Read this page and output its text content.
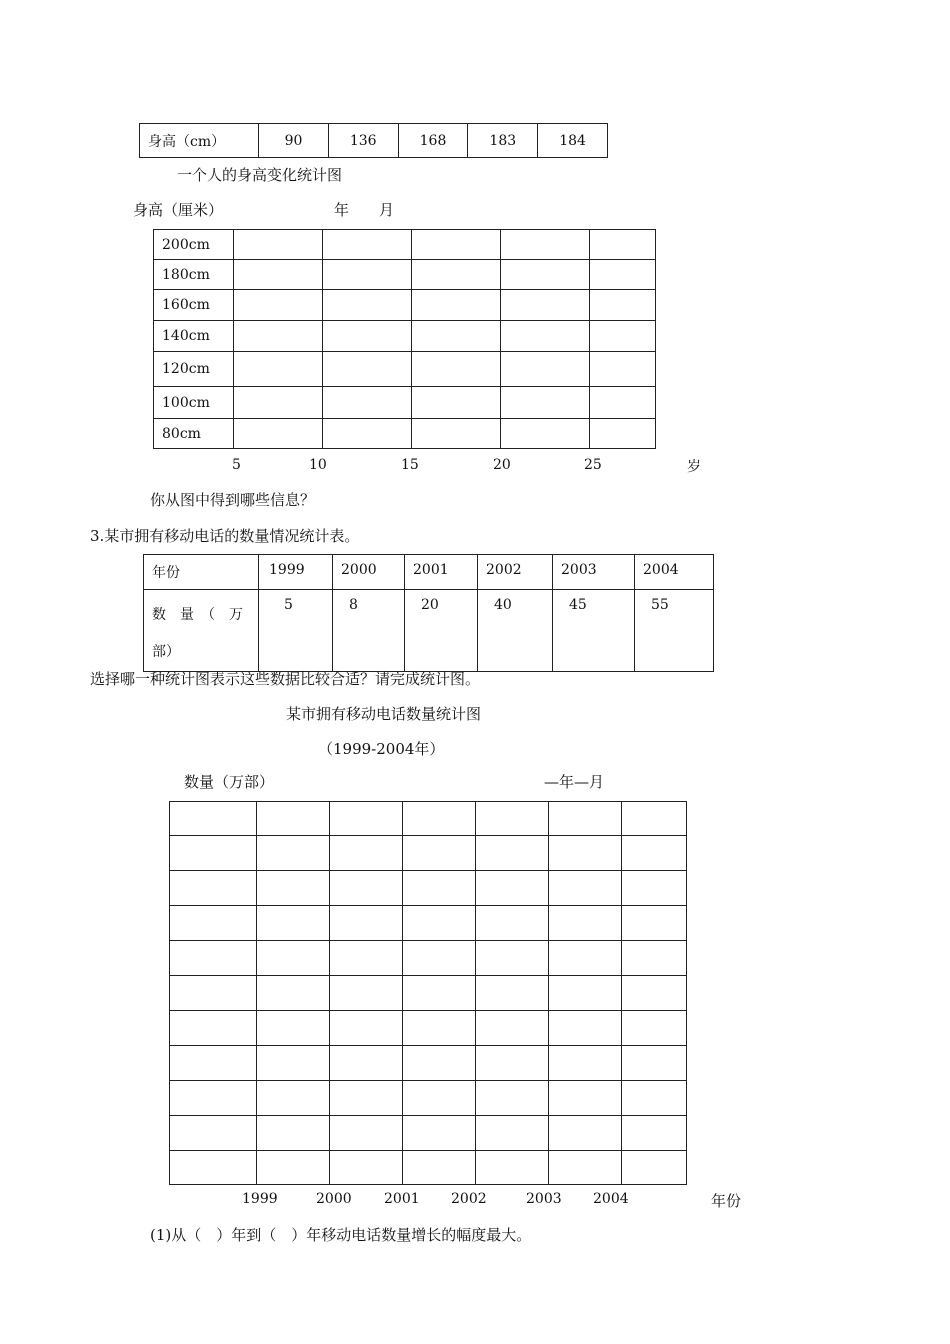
身高（cm）	90	136	168	183	184
一个人的身高变化统计图
身高（厘米）	年　　月
200cm					
180cm					
160cm					
140cm					
120cm					
100cm					
80cm					
5	10	15	20	25	岁
你从图中得到哪些信息？
3.某市拥有移动电话的数量情况统计表。
年份	1999	2000	2001	2002	2003	2004
数　量　（　万部）	5	8	20	40	45	55
选择哪一种统计图表示这些数据比较合适？请完成统计图。
某市拥有移动电话数量统计图
（1999-2004年）
数量（万部）	—年—月

1999	2000 2001 2002	2003 2004	年份
(1)从（　）年到（　）年移动电话数量增长的幅度最大。
